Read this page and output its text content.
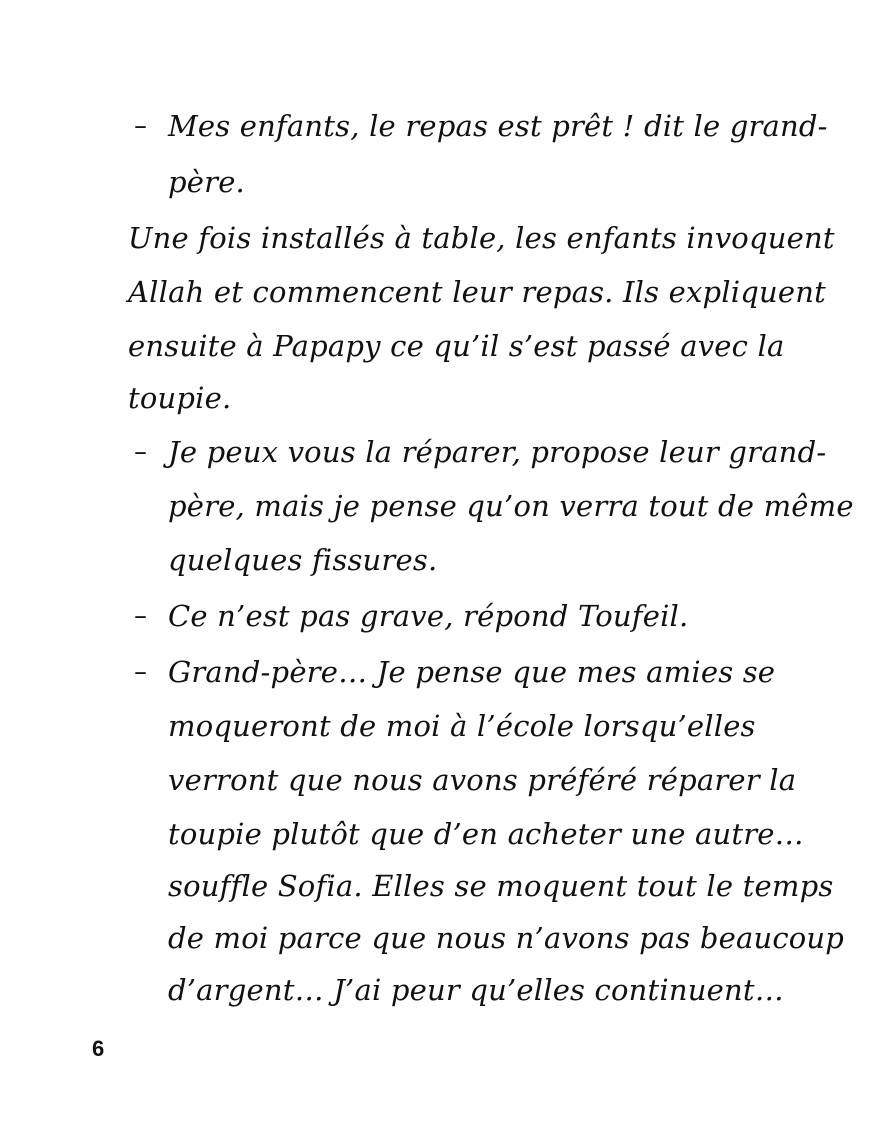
– Mes enfants, le repas est prêt ! dit le grand-
père.
Une fois installés à table, les enfants invoquent
Allah et commencent leur repas. Ils expliquent
ensuite à Papapy ce qu’il s’est passé avec la
toupie.
– Je peux vous la réparer, propose leur grand-
père, mais je pense qu’on verra tout de même
quelques fissures.
– Ce n’est pas grave, répond Toufeil.
– Grand-père… Je pense que mes amies se
moqueront de moi à l’école lorsqu’elles
verront que nous avons préféré réparer la
toupie plutôt que d’en acheter une autre…
souffle Sofia. Elles se moquent tout le temps
de moi parce que nous n’avons pas beaucoup
d’argent… J’ai peur qu’elles continuent…
6
